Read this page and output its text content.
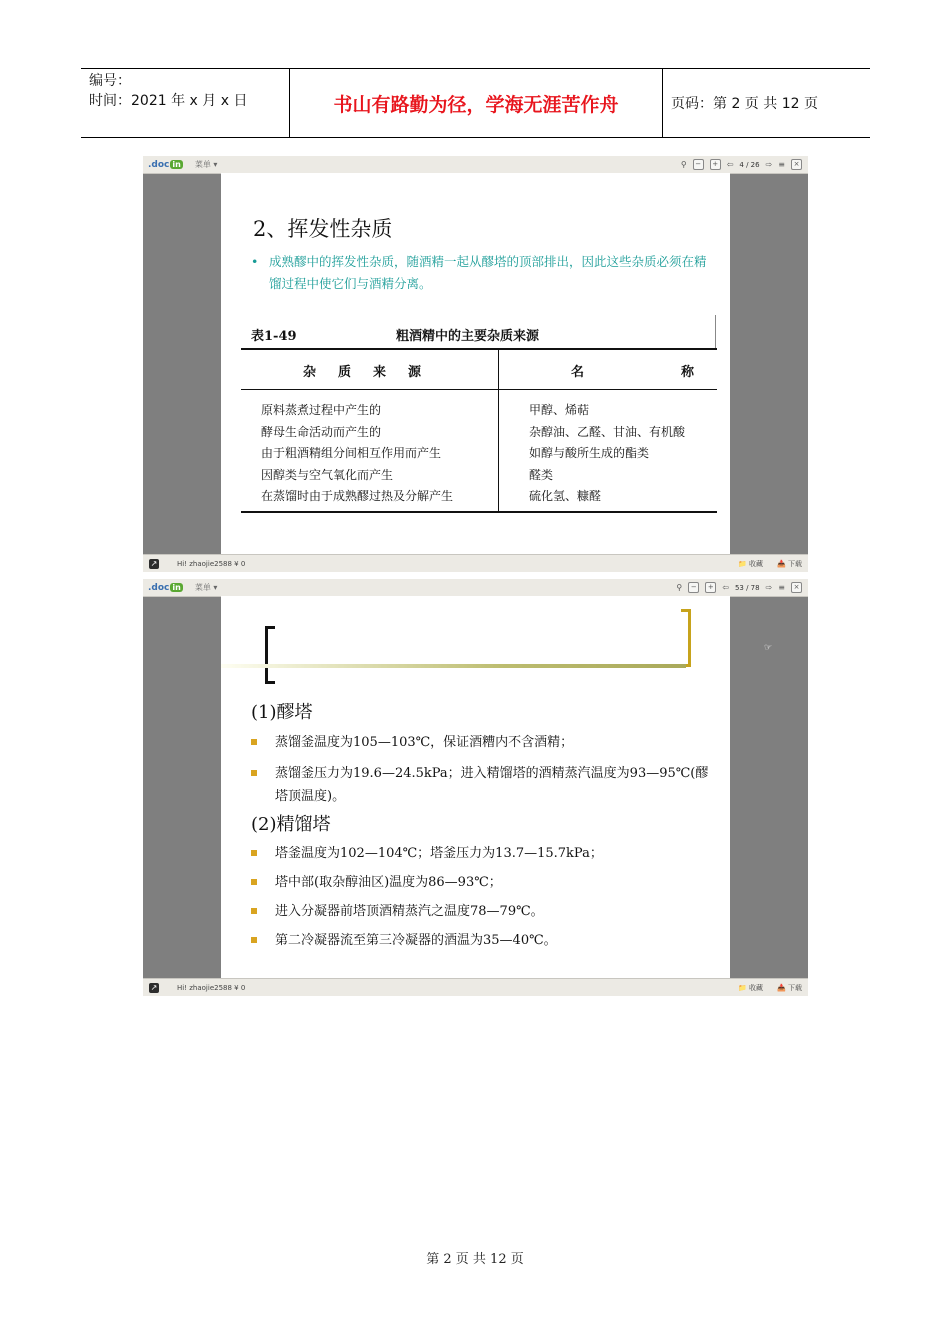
编号：
时间：2021 年 x 月 x 日	书山有路勤为径，学海无涯苦作舟	页码：第 2 页 共 12 页
.doc in 菜单 ▾	⚲	−	+	⇦ 4 / 26 ⇨ ≡	×
2、挥发性杂质
• 成熟醪中的挥发性杂质，随酒精一起从醪塔的顶部排出，因此这些杂质必须在精馏过程中使它们与酒精分离。
表1-49	粗酒精中的主要杂质来源
杂质来源	名	称
原料蒸煮过程中产生的	甲醇、烯萜
酵母生命活动而产生的	杂醇油、乙醛、甘油、有机酸
由于粗酒精组分间相互作用而产生	如醇与酸所生成的酯类
因醇类与空气氧化而产生	醛类
在蒸馏时由于成熟醪过热及分解产生	硫化氢、糠醛
↗	Hi! zhaojie2588 ¥ 0	📁 收藏 📥 下载
.doc in 菜单 ▾	⚲	−	+	⇦ 53 / 78 ⇨ ≡	×
(1)醪塔
蒸馏釜温度为105—103℃，保证酒糟内不含酒精；
蒸馏釜压力为19.6—24.5kPa；进入精馏塔的酒精蒸汽温度为93—95℃(醪塔顶温度)。
(2)精馏塔
塔釜温度为102—104℃；塔釜压力为13.7—15.7kPa；
塔中部(取杂醇油区)温度为86—93℃；
进入分凝器前塔顶酒精蒸汽之温度78—79℃。
第二冷凝器流至第三冷凝器的酒温为35—40℃。
☞
↗	Hi! zhaojie2588 ¥ 0	📁 收藏 📥 下载
第 2 页 共 12 页
